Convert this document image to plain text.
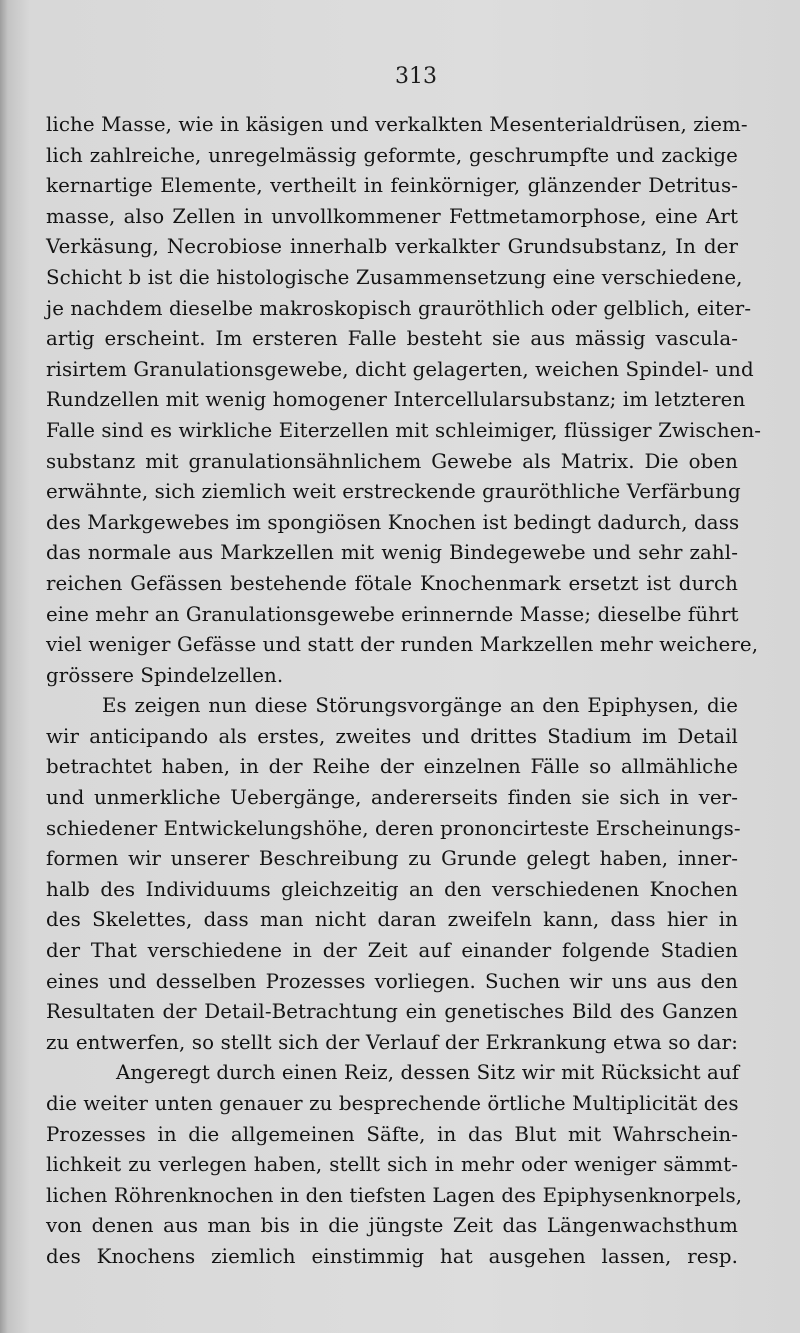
313
liche Masse, wie in käsigen und verkalkten Mesenterialdrüsen, ziem-
lich zahlreiche, unregelmässig geformte, geschrumpfte und zackige
kernartige Elemente, vertheilt in feinkörniger, glänzender Detritus-
masse, also Zellen in unvollkommener Fettmetamorphose, eine Art
Verkäsung, Necrobiose innerhalb verkalkter Grundsubstanz, In der
Schicht b ist die histologische Zusammensetzung eine verschiedene,
je nachdem dieselbe makroskopisch grauröthlich oder gelblich, eiter-
artig erscheint. Im ersteren Falle besteht sie aus mässig vascula-
risirtem Granulationsgewebe, dicht gelagerten, weichen Spindel- und
Rundzellen mit wenig homogener Intercellularsubstanz; im letzteren
Falle sind es wirkliche Eiterzellen mit schleimiger, flüssiger Zwischen-
substanz mit granulationsähnlichem Gewebe als Matrix. Die oben
erwähnte, sich ziemlich weit erstreckende grauröthliche Verfärbung
des Markgewebes im spongiösen Knochen ist bedingt dadurch, dass
das normale aus Markzellen mit wenig Bindegewebe und sehr zahl-
reichen Gefässen bestehende fötale Knochenmark ersetzt ist durch
eine mehr an Granulationsgewebe erinnernde Masse; dieselbe führt
viel weniger Gefässe und statt der runden Markzellen mehr weichere,
grössere Spindelzellen.
Es zeigen nun diese Störungsvorgänge an den Epiphysen, die
wir anticipando als erstes, zweites und drittes Stadium im Detail
betrachtet haben, in der Reihe der einzelnen Fälle so allmähliche
und unmerkliche Uebergänge, andererseits finden sie sich in ver-
schiedener Entwickelungshöhe, deren prononcirteste Erscheinungs-
formen wir unserer Beschreibung zu Grunde gelegt haben, inner-
halb des Individuums gleichzeitig an den verschiedenen Knochen
des Skelettes, dass man nicht daran zweifeln kann, dass hier in
der That verschiedene in der Zeit auf einander folgende Stadien
eines und desselben Prozesses vorliegen. Suchen wir uns aus den
Resultaten der Detail-Betrachtung ein genetisches Bild des Ganzen
zu entwerfen, so stellt sich der Verlauf der Erkrankung etwa so dar:
Angeregt durch einen Reiz, dessen Sitz wir mit Rücksicht auf
die weiter unten genauer zu besprechende örtliche Multiplicität des
Prozesses in die allgemeinen Säfte, in das Blut mit Wahrschein-
lichkeit zu verlegen haben, stellt sich in mehr oder weniger sämmt-
lichen Röhrenknochen in den tiefsten Lagen des Epiphysenknorpels,
von denen aus man bis in die jüngste Zeit das Längenwachsthum
des Knochens ziemlich einstimmig hat ausgehen lassen, resp.
